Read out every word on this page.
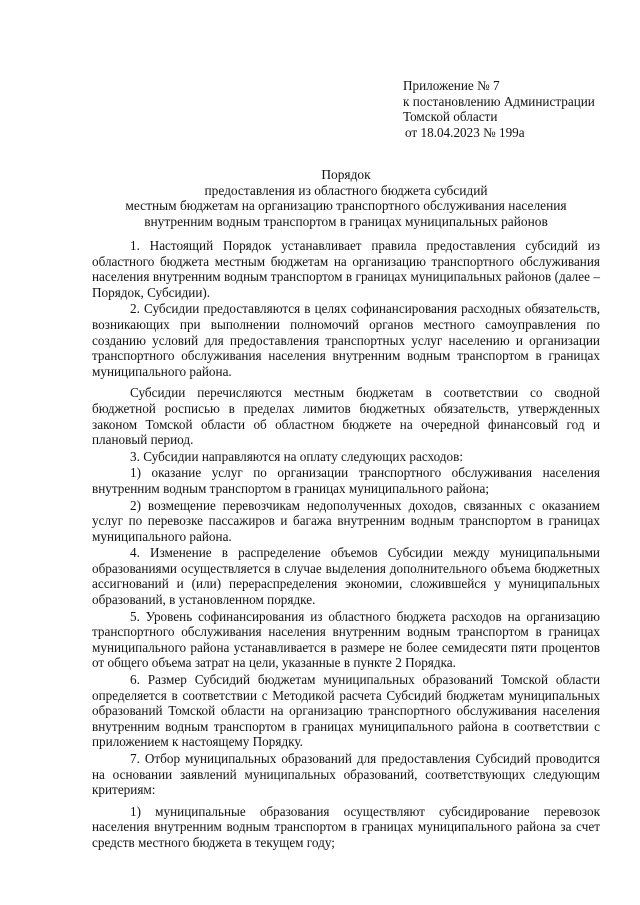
Приложение № 7
к постановлению Администрации
Томской области
от 18.04.2023 № 199а
Порядок
предоставления из областного бюджета субсидий
местным бюджетам на организацию транспортного обслуживания населения
внутренним водным транспортом в границах муниципальных районов

1. Настоящий Порядок устанавливает правила предоставления субсидий из областного бюджета местным бюджетам на организацию транспортного обслуживания населения внутренним водным транспортом в границах муниципальных районов (далее – Порядок, Субсидии).

2. Субсидии предоставляются в целях софинансирования расходных обязательств, возникающих при выполнении полномочий органов местного самоуправления по созданию условий для предоставления транспортных услуг населению и организации транспортного обслуживания населения внутренним водным транспортом в границах муниципального района.

Субсидии перечисляются местным бюджетам в соответствии со сводной бюджетной росписью в пределах лимитов бюджетных обязательств, утвержденных законом Томской области об областном бюджете на очередной финансовый год и плановый период.

3. Субсидии направляются на оплату следующих расходов:

1) оказание услуг по организации транспортного обслуживания населения внутренним водным транспортом в границах муниципального района;

2) возмещение перевозчикам недополученных доходов, связанных с оказанием услуг по перевозке пассажиров и багажа внутренним водным транспортом в границах муниципального района.

4. Изменение в распределение объемов Субсидии между муниципальными образованиями осуществляется в случае выделения дополнительного объема бюджетных ассигнований и (или) перераспределения экономии, сложившейся у муниципальных образований, в установленном порядке.

5. Уровень софинансирования из областного бюджета расходов на организацию транспортного обслуживания населения внутренним водным транспортом в границах муниципального района устанавливается в размере не более семидесяти пяти процентов от общего объема затрат на цели, указанные в пункте 2 Порядка.

6. Размер Субсидий бюджетам муниципальных образований Томской области определяется в соответствии с Методикой расчета Субсидий бюджетам муниципальных образований Томской области на организацию транспортного обслуживания населения внутренним водным транспортом в границах муниципального района в соответствии с приложением к настоящему Порядку.

7. Отбор муниципальных образований для предоставления Субсидий проводится на основании заявлений муниципальных образований, соответствующих следующим критериям:

1) муниципальные образования осуществляют субсидирование перевозок населения внутренним водным транспортом в границах муниципального района за счет средств местного бюджета в текущем году;
